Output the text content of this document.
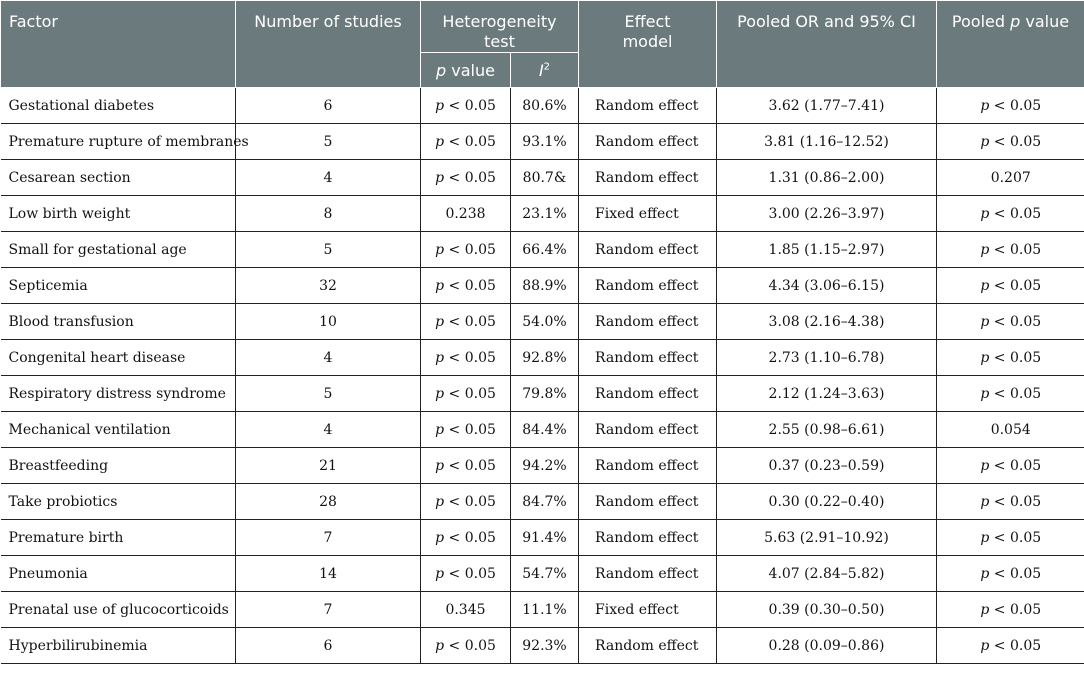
Factor	Number of studies	Heterogeneity test		Effect model	Pooled OR and 95% CI	Pooled p value
		p value	$I^2$
Gestational diabetes	6	p < 0.05	80.6%	Random effect	3.62 (1.77–7.41)	p < 0.05
Premature rupture of membranes	5	p < 0.05	93.1%	Random effect	3.81 (1.16–12.52)	p < 0.05
Cesarean section	4	p < 0.05	80.7&	Random effect	1.31 (0.86–2.00)	0.207
Low birth weight	8	0.238	23.1%	Fixed effect	3.00 (2.26–3.97)	p < 0.05
Small for gestational age	5	p < 0.05	66.4%	Random effect	1.85 (1.15–2.97)	p < 0.05
Septicemia	32	p < 0.05	88.9%	Random effect	4.34 (3.06–6.15)	p < 0.05
Blood transfusion	10	p < 0.05	54.0%	Random effect	3.08 (2.16–4.38)	p < 0.05
Congenital heart disease	4	p < 0.05	92.8%	Random effect	2.73 (1.10–6.78)	p < 0.05
Respiratory distress syndrome	5	p < 0.05	79.8%	Random effect	2.12 (1.24–3.63)	p < 0.05
Mechanical ventilation	4	p < 0.05	84.4%	Random effect	2.55 (0.98–6.61)	0.054
Breastfeeding	21	p < 0.05	94.2%	Random effect	0.37 (0.23–0.59)	p < 0.05
Take probiotics	28	p < 0.05	84.7%	Random effect	0.30 (0.22–0.40)	p < 0.05
Premature birth	7	p < 0.05	91.4%	Random effect	5.63 (2.91–10.92)	p < 0.05
Pneumonia	14	p < 0.05	54.7%	Random effect	4.07 (2.84–5.82)	p < 0.05
Prenatal use of glucocorticoids	7	0.345	11.1%	Fixed effect	0.39 (0.30–0.50)	p < 0.05
Hyperbilirubinemia	6	p < 0.05	92.3%	Random effect	0.28 (0.09–0.86)	p < 0.05
